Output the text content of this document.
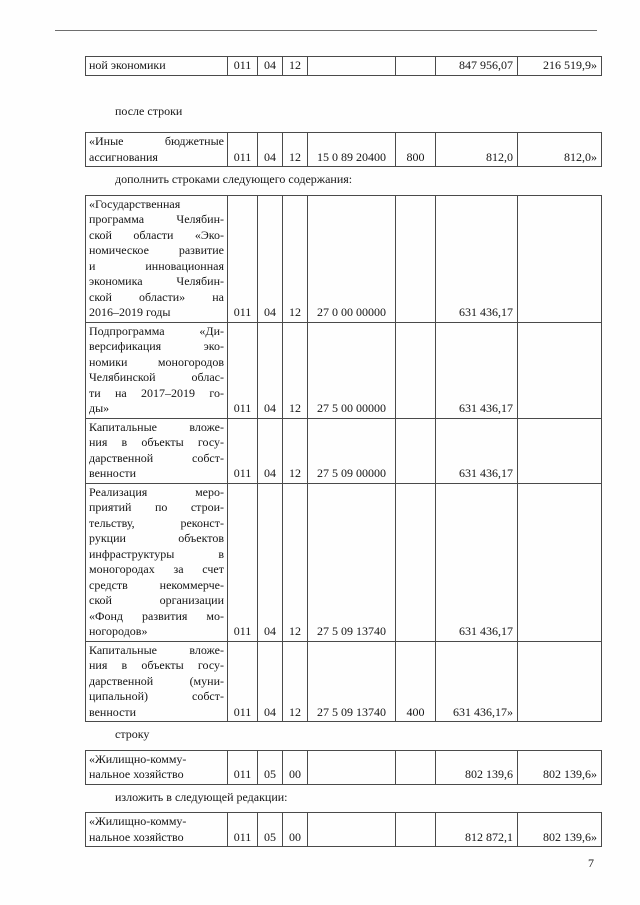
ной экономики	011	04	12			847 956,07	216 519,9»

после строки

«Иные бюджетные
ассигнования	011	04	12	15 0 89 20400	800	812,0	812,0»

дополнить строками следующего содержания:

«Государственная
программа Челябин-
ской области «Эко-
номическое развитие
и инновационная
экономика Челябин-
ской области» на
2016–2019 годы	011	04	12	27 0 00 00000		631 436,17	

Подпрограмма «Ди-
версификация эко-
номики моногородов
Челябинской облас-
ти на 2017–2019 го-
ды»	011	04	12	27 5 00 00000		631 436,17	

Капитальные вложе-
ния в объекты госу-
дарственной собст-
венности	011	04	12	27 5 09 00000		631 436,17	

Реализация меро-
приятий по строи-
тельству, реконст-
рукции объектов
инфраструктуры в
моногородах за счет
средств некоммерче-
ской организации
«Фонд развития мо-
ногородов»	011	04	12	27 5 09 13740		631 436,17	

Капитальные вложе-
ния в объекты госу-
дарственной (муни-
ципальной) собст-
венности	011	04	12	27 5 09 13740	400	631 436,17»	

строку

«Жилищно-комму-
нальное хозяйство	011	05	00			802 139,6	802 139,6»

изложить в следующей редакции:

«Жилищно-комму-
нальное хозяйство	011	05	00			812 872,1	802 139,6»
7
